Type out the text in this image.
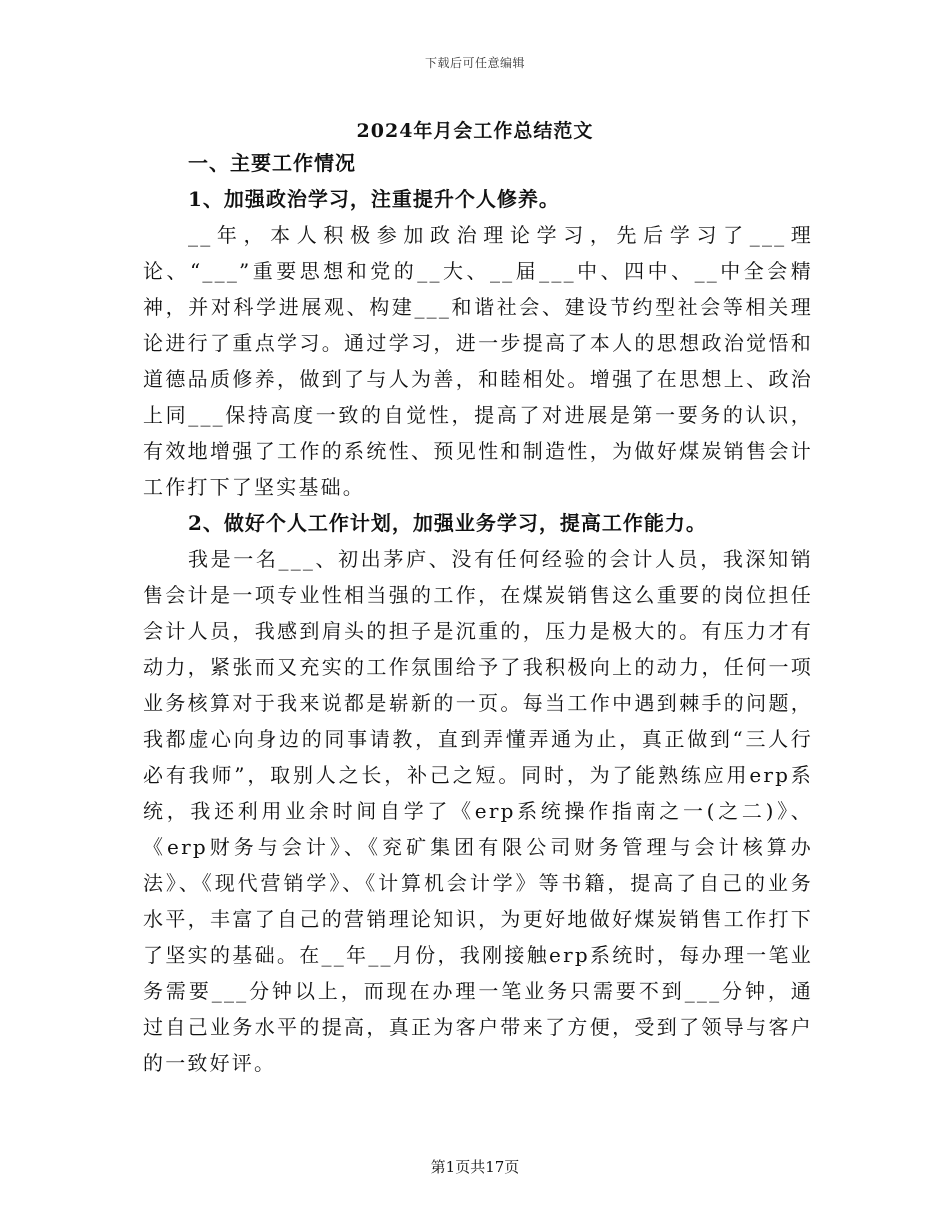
下载后可任意编辑
2024年月会工作总结范文

一、主要工作情况

1、加强政治学习，注重提升个人修养。

__年，本人积极参加政治理论学习，先后学习了___理论、“___”重要思想和党的__大、__届___中、四中、__中全会精神，并对科学进展观、构建___和谐社会、建设节约型社会等相关理论进行了重点学习。通过学习，进一步提高了本人的思想政治觉悟和道德品质修养，做到了与人为善，和睦相处。增强了在思想上、政治上同___保持高度一致的自觉性，提高了对进展是第一要务的认识，有效地增强了工作的系统性、预见性和制造性，为做好煤炭销售会计工作打下了坚实基础。

2、做好个人工作计划，加强业务学习，提高工作能力。

我是一名___、初出茅庐、没有任何经验的会计人员，我深知销售会计是一项专业性相当强的工作，在煤炭销售这么重要的岗位担任会计人员，我感到肩头的担子是沉重的，压力是极大的。有压力才有动力，紧张而又充实的工作氛围给予了我积极向上的动力，任何一项业务核算对于我来说都是崭新的一页。每当工作中遇到棘手的问题，我都虚心向身边的同事请教，直到弄懂弄通为止，真正做到“三人行必有我师”，取别人之长，补己之短。同时，为了能熟练应用erp系统，我还利用业余时间自学了《erp系统操作指南之一(之二)》、《erp财务与会计》、《兖矿集团有限公司财务管理与会计核算办法》、《现代营销学》、《计算机会计学》等书籍，提高了自己的业务水平，丰富了自己的营销理论知识，为更好地做好煤炭销售工作打下了坚实的基础。在__年__月份，我刚接触erp系统时，每办理一笔业务需要___分钟以上，而现在办理一笔业务只需要不到___分钟，通过自己业务水平的提高，真正为客户带来了方便，受到了领导与客户的一致好评。

第1页共17页
